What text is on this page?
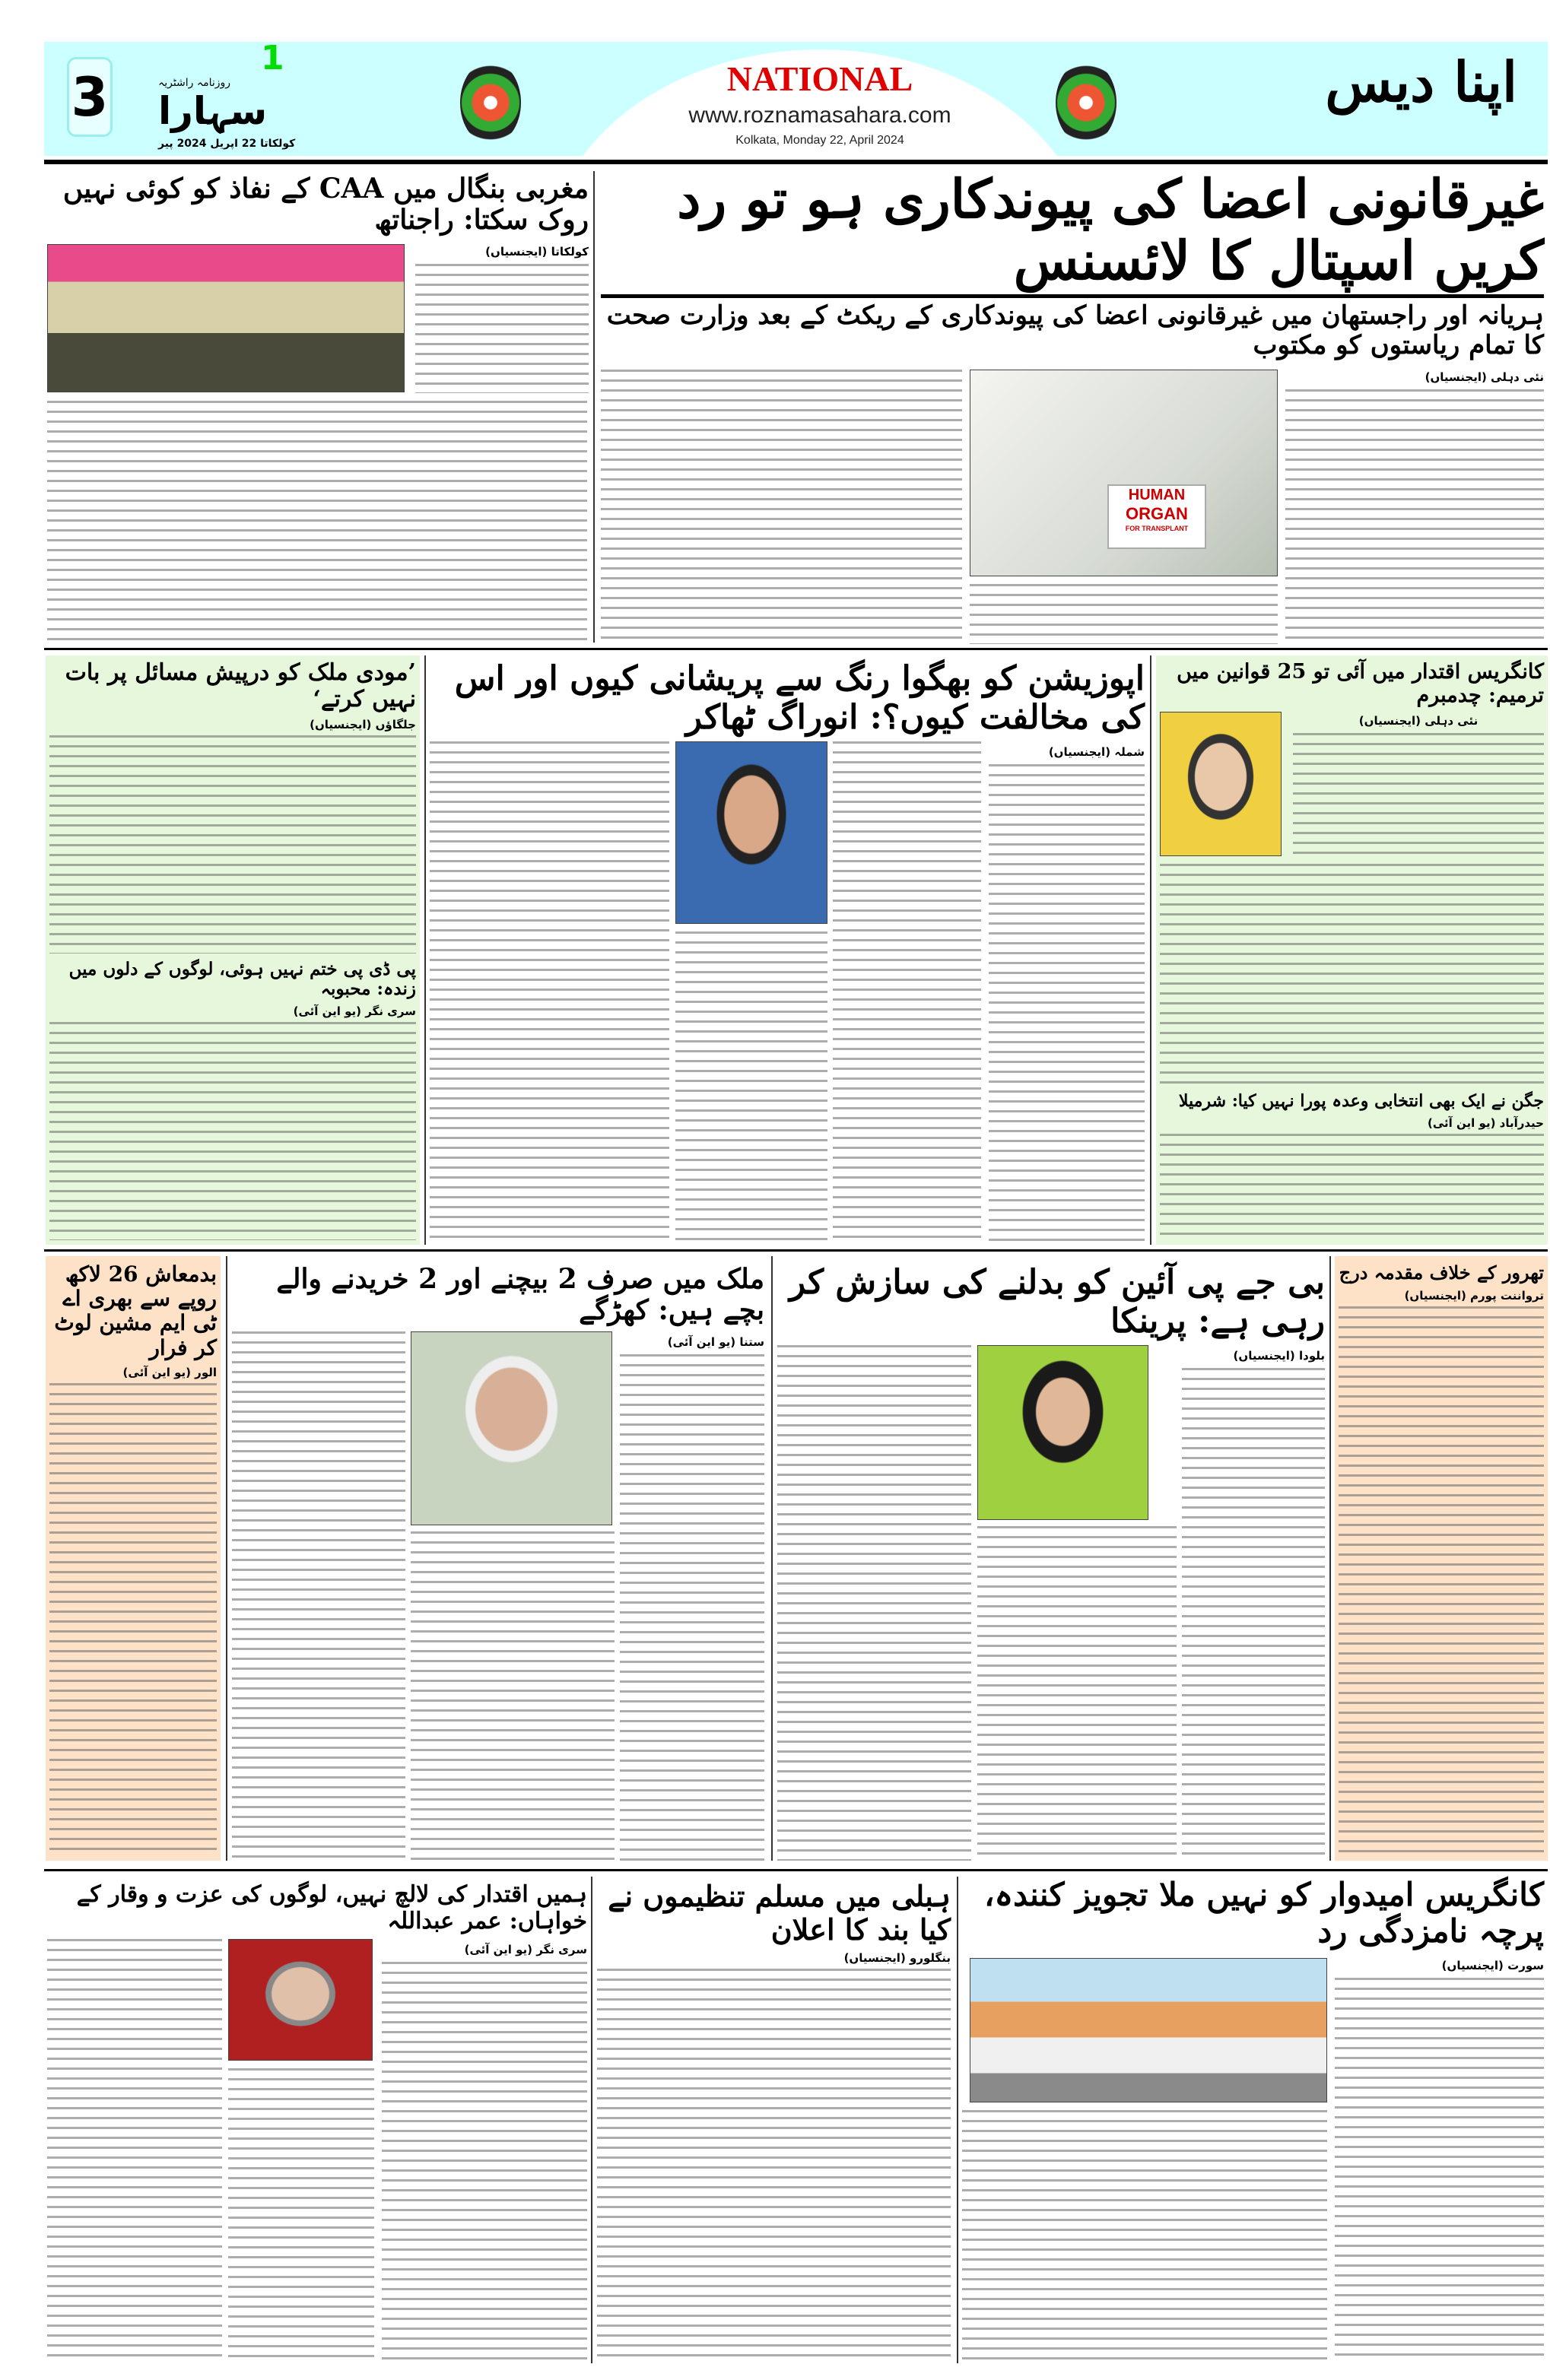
3
1
روزنامہ راشٹریہ
سہارا
کولکاتا 22 اپریل 2024 پیر
NATIONAL
www.roznamasahara.com
Kolkata, Monday 22, April 2024
اپنا دیس
غیرقانونی اعضا کی پیوندکاری ہو تو رد کریں اسپتال کا لائسنس
ہریانہ اور راجستھان میں غیرقانونی اعضا کی پیوندکاری کے ریکٹ کے بعد وزارت صحت کا تمام ریاستوں کو مکتوب
نئی دہلی (ایجنسیاں)
HUMAN
ORGAN
FOR TRANSPLANT
مغربی بنگال میں CAA کے نفاذ کو کوئی نہیں روک سکتا: راجناتھ
کولکاتا (ایجنسیاں)
کانگریس اقتدار میں آئی تو 25 قوانین میں ترمیم: چدمبرم
نئی دہلی (ایجنسیاں)
جگن نے ایک بھی انتخابی وعدہ پورا نہیں کیا: شرمیلا
حیدرآباد (یو این آئی)
اپوزیشن کو بھگوا رنگ سے پریشانی کیوں اور اس کی مخالفت کیوں؟: انوراگ ٹھاکر
شملہ (ایجنسیاں)
’مودی ملک کو درپیش مسائل پر بات نہیں کرتے‘
جلگاؤں (ایجنسیاں)
پی ڈی پی ختم نہیں ہوئی، لوگوں کے دلوں میں زندہ: محبوبہ
سری نگر (یو این آئی)
تھرور کے خلاف مقدمہ درج
ترواننت پورم (ایجنسیاں)
بی جے پی آئین کو بدلنے کی سازش کر رہی ہے: پرینکا
بلودا (ایجنسیاں)
ملک میں صرف 2 بیچنے اور 2 خریدنے والے بچے ہیں: کھڑگے
ستنا (یو این آئی)
بدمعاش 26 لاکھ روپے سے بھری اے ٹی ایم مشین لوٹ کر فرار
الور (یو این آئی)
کانگریس امیدوار کو نہیں ملا تجویز کنندہ، پرچہ نامزدگی رد
سورت (ایجنسیاں)
ہبلی میں مسلم تنظیموں نے کیا بند کا اعلان
بنگلورو (ایجنسیاں)
ہمیں اقتدار کی لالچ نہیں، لوگوں کی عزت و وقار کے خواہاں: عمر عبداللہ
سری نگر (یو این آئی)
